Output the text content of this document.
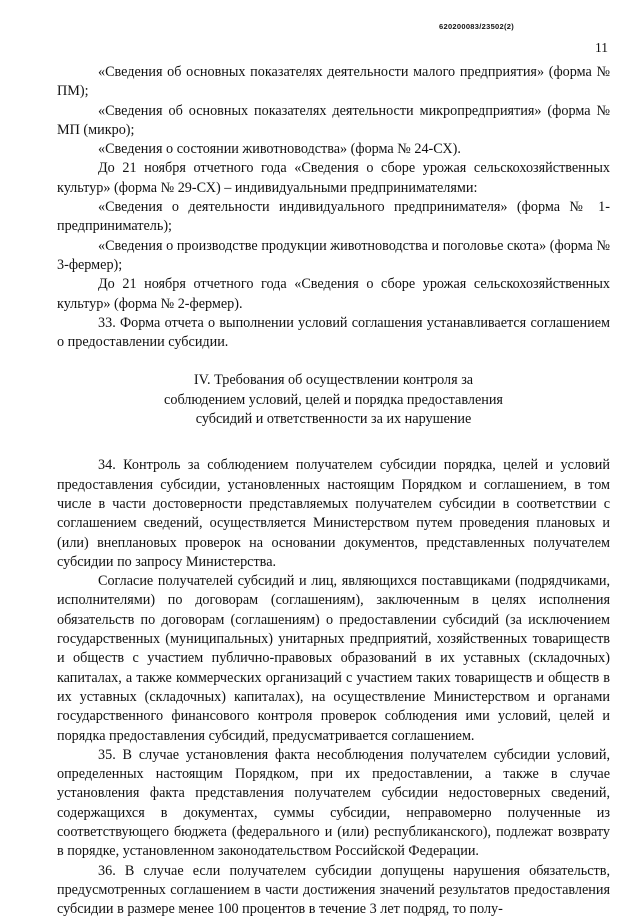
620200083/23502(2)
11

«Сведения об основных показателях деятельности малого предприятия» (форма № ПМ);

«Сведения об основных показателях деятельности микропредприятия» (форма № МП (микро);

«Сведения о состоянии животноводства» (форма № 24-СХ).

До 21 ноября отчетного года «Сведения о сборе урожая сельскохозяйственных культур» (форма № 29-СХ) – индивидуальными предпринимателями:

«Сведения о деятельности индивидуального предпринимателя» (форма № 1-предприниматель);

«Сведения о производстве продукции животноводства и поголовье скота» (форма № 3-фермер);

До 21 ноября отчетного года «Сведения о сборе урожая сельскохозяйственных культур» (форма № 2-фермер).

33. Форма отчета о выполнении условий соглашения устанавливается соглашением о предоставлении субсидии.

IV. Требования об осуществлении контроля за
соблюдением условий, целей и порядка предоставления
субсидий и ответственности за их нарушение

34. Контроль за соблюдением получателем субсидии порядка, целей и условий предоставления субсидии, установленных настоящим Порядком и соглашением, в том числе в части достоверности представляемых получателем субсидии в соответствии с соглашением сведений, осуществляется Министерством путем проведения плановых и (или) внеплановых проверок на основании документов, представленных получателем субсидии по запросу Министерства.

Согласие получателей субсидий и лиц, являющихся поставщиками (подрядчиками, исполнителями) по договорам (соглашениям), заключенным в целях исполнения обязательств по договорам (соглашениям) о предоставлении субсидий (за исключением государственных (муниципальных) унитарных предприятий, хозяйственных товариществ и обществ с участием публично-правовых образований в их уставных (складочных) капиталах, а также коммерческих организаций с участием таких товариществ и обществ в их уставных (складочных) капиталах), на осуществление Министерством и органами государственного финансового контроля проверок соблюдения ими условий, целей и порядка предоставления субсидий, предусматривается соглашением.

35. В случае установления факта несоблюдения получателем субсидии условий, определенных настоящим Порядком, при их предоставлении, а также в случае установления факта представления получателем субсидии недостоверных сведений, содержащихся в документах, суммы субсидии, неправомерно полученные из соответствующего бюджета (федерального и (или) республиканского), подлежат возврату в порядке, установленном законодательством Российской Федерации.

36. В случае если получателем субсидии допущены нарушения обязательств, предусмотренных соглашением в части достижения значений результатов предоставления субсидии в размере менее 100 процентов в течение 3 лет подряд, то полу-
